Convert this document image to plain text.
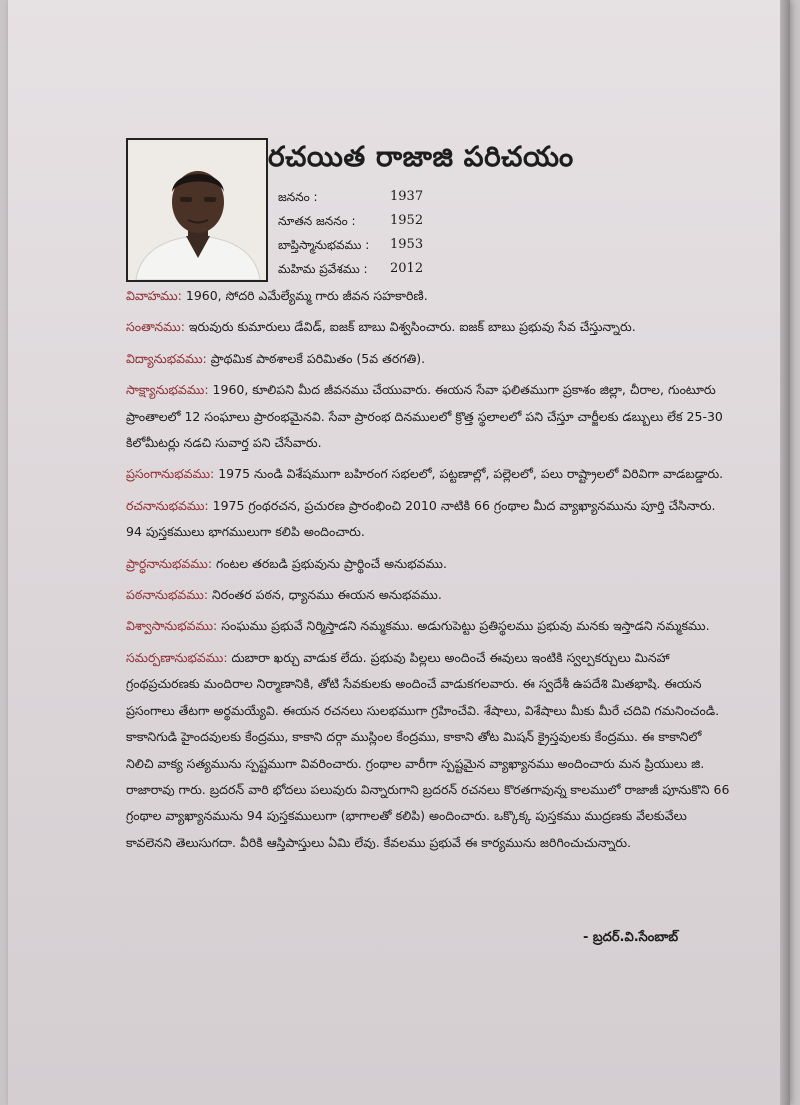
రచయిత రాజాజి పరిచయం
జననం :	1937
నూతన జననం :	1952
బాప్తిస్మానుభవము : 1953
మహిమ ప్రవేశము : 2012

వివాహము: 1960, సోదరి ఎమేల్యేమ్మ గారు జీవన సహకారిణి.

సంతానము: ఇరువురు కుమారులు డేవిడ్, ఐజక్ బాబు విశ్వసించారు. ఐజక్ బాబు ప్రభువు సేవ చేస్తున్నారు.

విద్యానుభవము: ప్రాథమిక పాఠశాలకే పరిమితం (5వ తరగతి).

సాక్ష్యానుభవము: 1960, కూలిపని మీద జీవనము చేయువారు. ఈయన సేవా ఫలితముగా ప్రకాశం జిల్లా, చీరాల, గుంటూరు ప్రాంతాలలో 12 సంఘాలు ప్రారంభమైనవి. సేవా ప్రారంభ దినములలో క్రొత్త స్థలాలలో పని చేస్తూ చార్జీలకు డబ్బులు లేక 25-30 కిలోమీటర్లు నడచి సువార్త పని చేసేవారు.

ప్రసంగానుభవము: 1975 నుండి విశేషముగా బహిరంగ సభలలో, పట్టణాల్లో, పల్లెలలో, పలు రాష్ట్రాలలో విరివిగా వాడబడ్డారు.

రచనానుభవము: 1975 గ్రంథరచన, ప్రచురణ ప్రారంభించి 2010 నాటికి 66 గ్రంథాల మీద వ్యాఖ్యానమును పూర్తి చేసినారు. 94 పుస్తకములు భాగములుగా కలిపి అందించారు.

ప్రార్ధనానుభవము: గంటల తరబడి ప్రభువును ప్రార్థించే అనుభవము.

పఠనానుభవము: నిరంతర పఠన, ధ్యానము ఈయన అనుభవము.

విశ్వాసానుభవము: సంఘము ప్రభువే నిర్మిస్తాడని నమ్మకము. అడుగుపెట్టు ప్రతిస్థలము ప్రభువు మనకు ఇస్తాడని నమ్మకము.

సమర్పణానుభవము: దుబారా ఖర్చు వాడుక లేదు. ప్రభువు పిల్లలు అందించే ఈవులు ఇంటికి స్వల్పకర్చులు మినహా గ్రంథప్రచురణకు మందిరాల నిర్మాణానికి, తోటి సేవకులకు అందించే వాడుకగలవారు. ఈ స్వదేశీ ఉపదేశి మితభాషి. ఈయన ప్రసంగాలు తేటగా అర్థమయ్యేవి. ఈయన రచనలు సులభముగా గ్రహించేవి. శేషాలు, విశేషాలు మీకు మీరే చదివి గమనించండి. కాకానిగుడి హైందవులకు కేంద్రము, కాకాని దర్గా ముస్లింల కేంద్రము, కాకాని తోట మిషన్ క్రైస్తవులకు కేంద్రము. ఈ కాకానిలో నిలిచి వాక్య సత్యమును స్పష్టముగా వివరించారు. గ్రంథాల వారీగా స్పష్టమైన వ్యాఖ్యానము అందించారు మన ప్రియులు జి. రాజారావు గారు. బ్రదరన్ వారి భోదలు పలువురు విన్నారుగాని బ్రదరన్ రచనలు కొరతగావున్న కాలములో రాజాజీ పూనుకొని 66 గ్రంథాల వ్యాఖ్యానమును 94 పుస్తకములుగా (భాగాలతో కలిపి) అందించారు. ఒక్కొక్క పుస్తకము ముద్రణకు వేలకువేలు కావలెనని తెలుసుగదా. వీరికి ఆస్తిపాస్తులు ఏమి లేవు. కేవలము ప్రభువే ఈ కార్యమును జరిగించుచున్నారు.

- బ్రదర్.వి.సేంబాబ్
